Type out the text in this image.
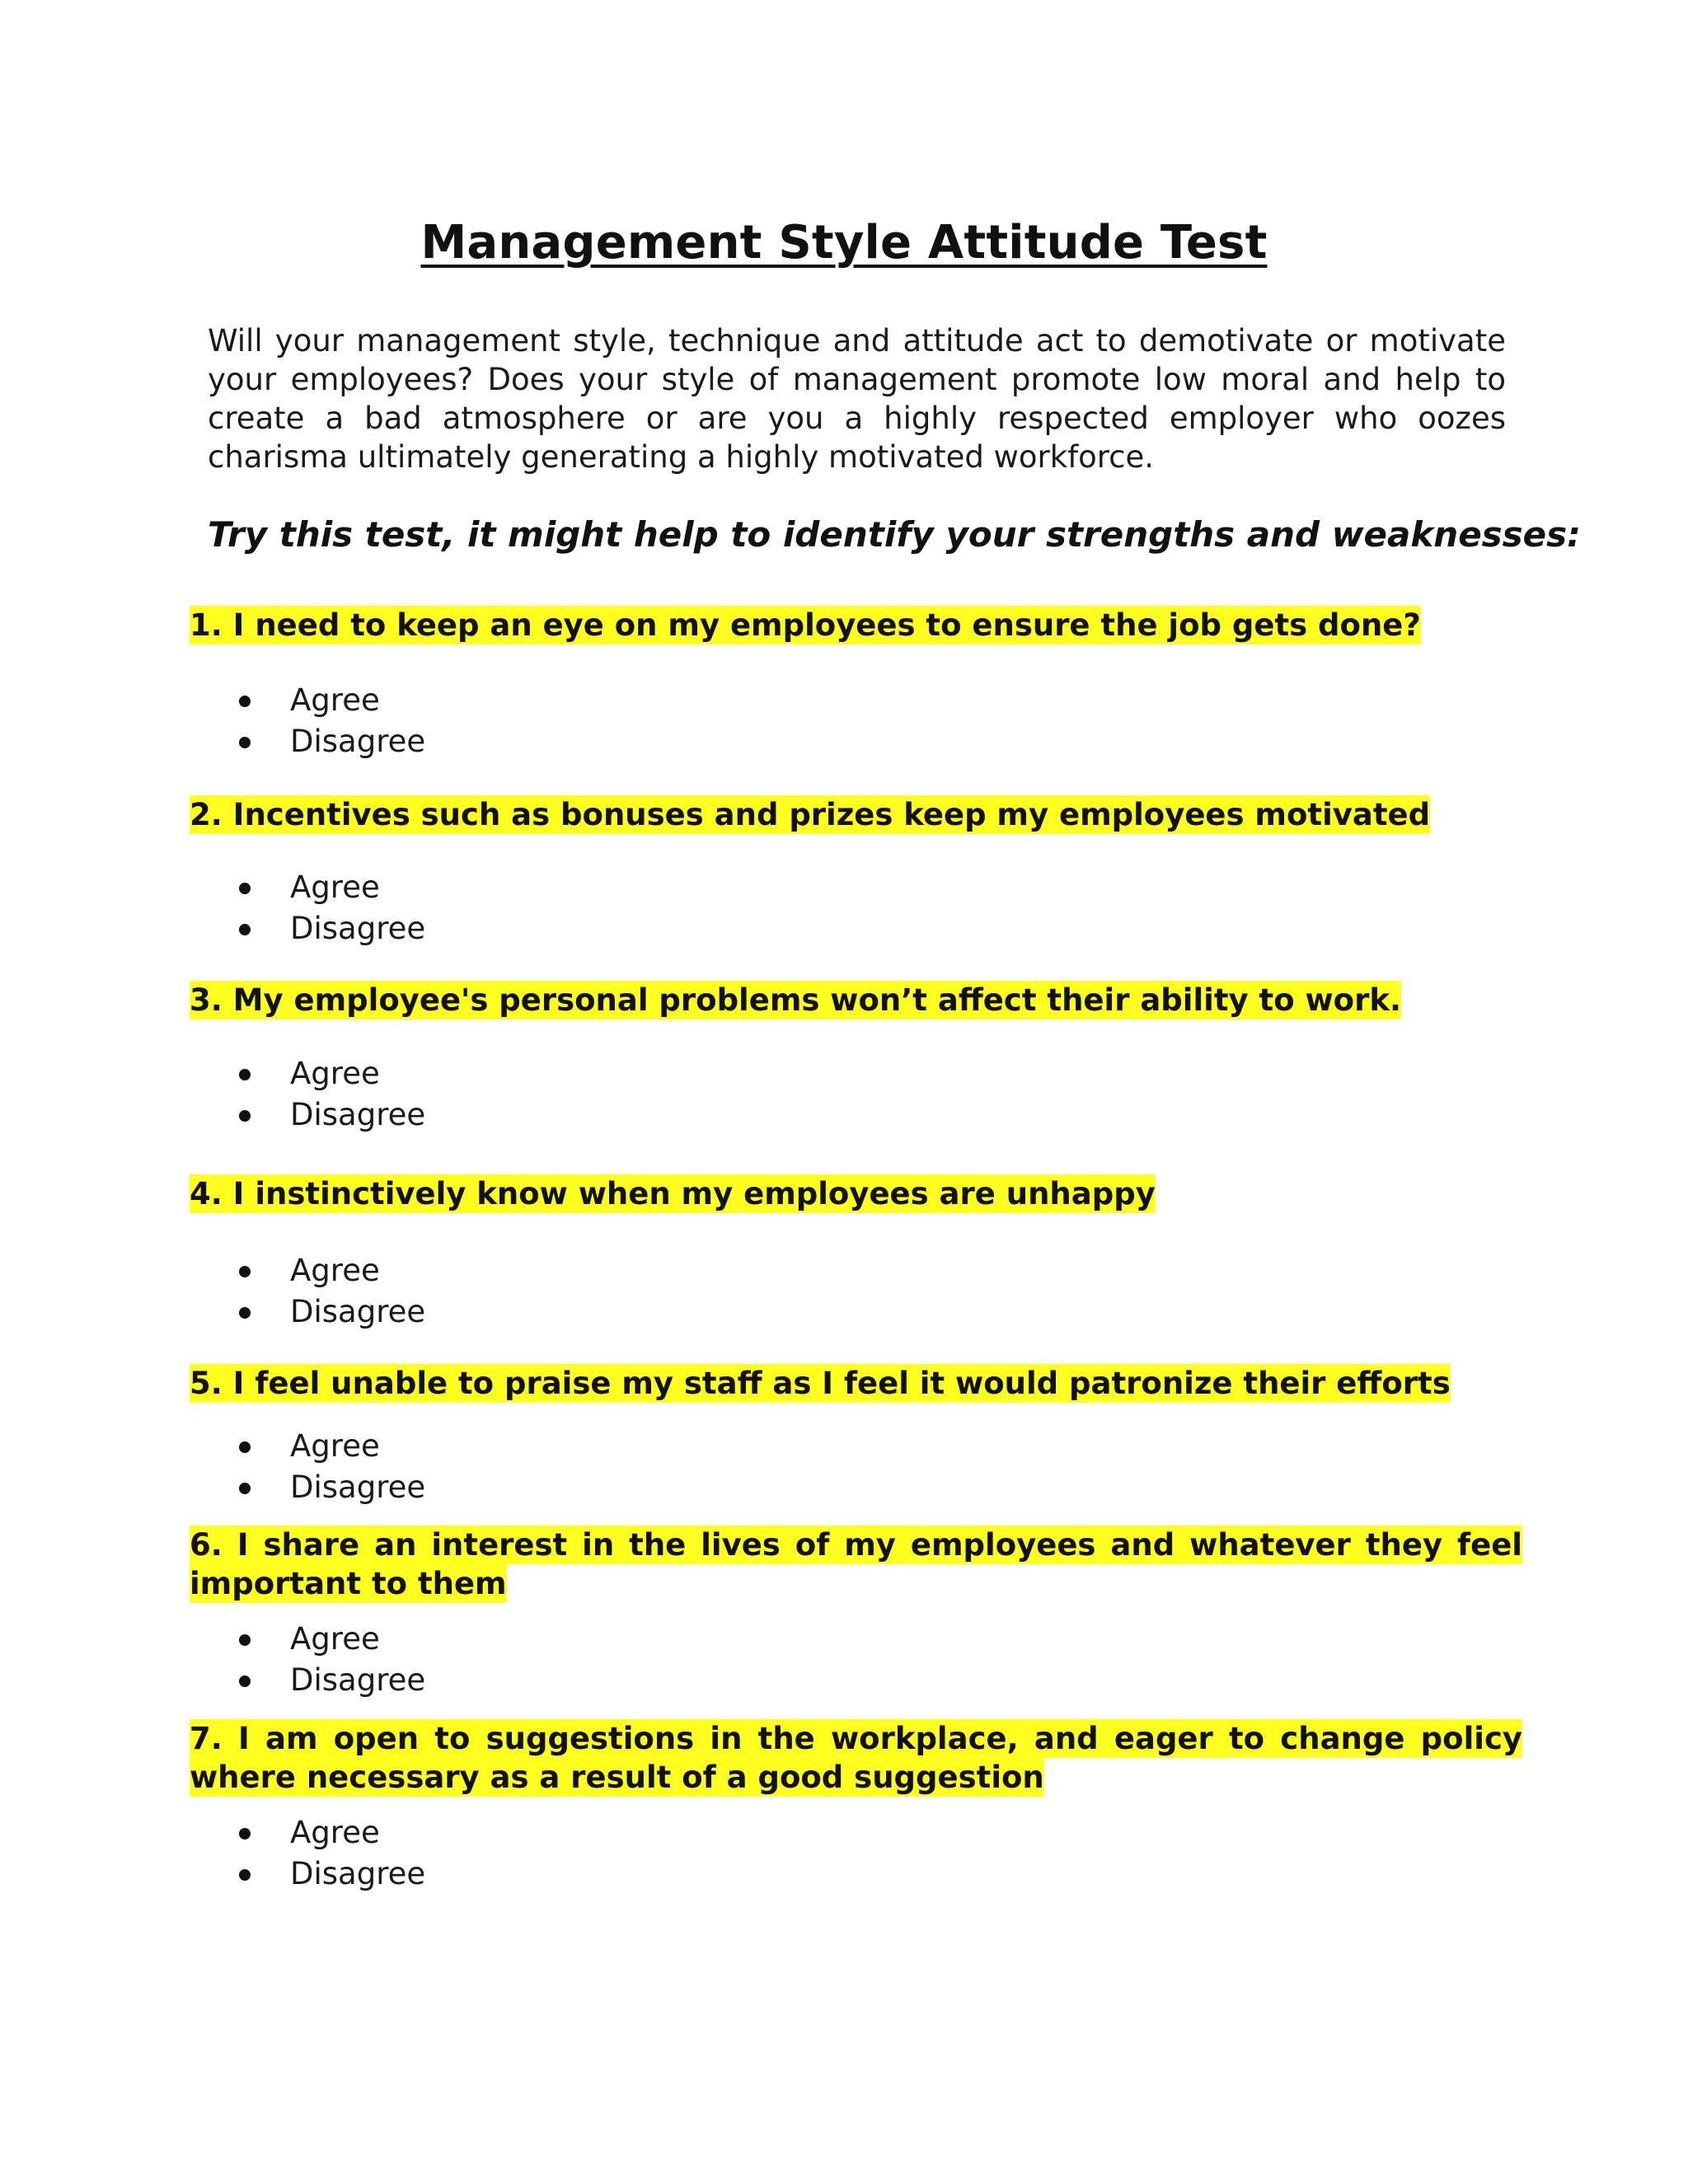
Management Style Attitude Test
Will your management style, technique and attitude act to demotivate or motivate your employees? Does your style of management promote low moral and help to create a bad atmosphere or are you a highly respected employer who oozes charisma ultimately generating a highly motivated workforce.
Try this test, it might help to identify your strengths and weaknesses:
1. I need to keep an eye on my employees to ensure the job gets done?
Agree
Disagree
2. Incentives such as bonuses and prizes keep my employees motivated
Agree
Disagree
3. My employee's personal problems won’t affect their ability to work.
Agree
Disagree
4. I instinctively know when my employees are unhappy
Agree
Disagree
5. I feel unable to praise my staff as I feel it would patronize their efforts
Agree
Disagree
6. I share an interest in the lives of my employees and whatever they feel important to them
Agree
Disagree
7. I am open to suggestions in the workplace, and eager to change policy where necessary as a result of a good suggestion
Agree
Disagree
